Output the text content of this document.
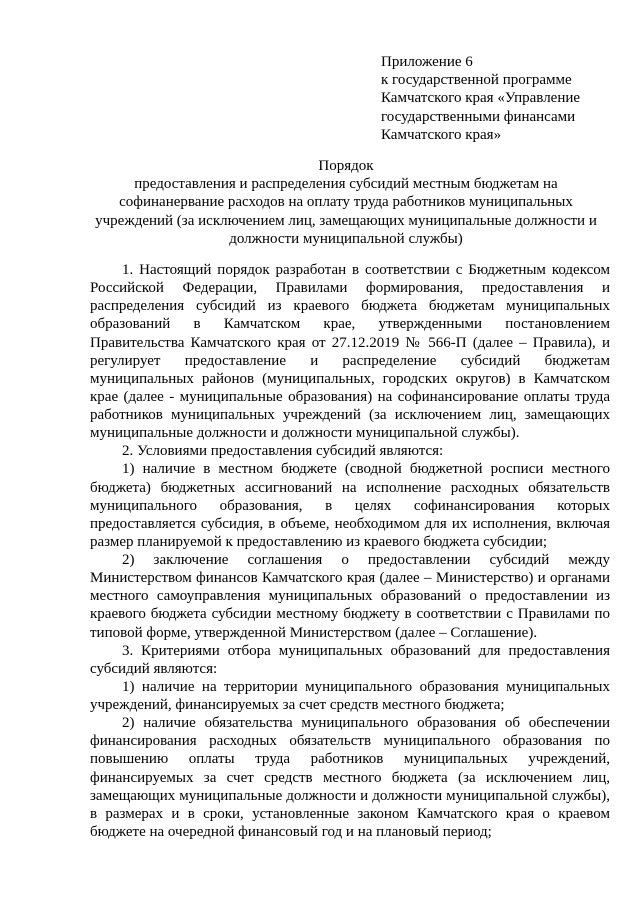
Приложение 6
к государственной программе
Камчатского края «Управление
государственными финансами
Камчатского края»
Порядок
предоставления и распределения субсидий местным бюджетам на софинанервание расходов на оплату труда работников муниципальных учреждений (за исключением лиц, замещающих муниципальные должности и должности муниципальной службы)

1. Настоящий порядок разработан в соответствии с Бюджетным кодексом Российской Федерации, Правилами формирования, предоставления и распределения субсидий из краевого бюджета бюджетам муниципальных образований в Камчатском крае, утвержденными постановлением Правительства Камчатского края от 27.12.2019 № 566-П (далее – Правила), и регулирует предоставление и распределение субсидий бюджетам муниципальных районов (муниципальных, городских округов) в Камчатском крае (далее - муниципальные образования) на софинансирование оплаты труда работников муниципальных учреждений (за исключением лиц, замещающих муниципальные должности и должности муниципальной службы).

2. Условиями предоставления субсидий являются:

1) наличие в местном бюджете (сводной бюджетной росписи местного бюджета) бюджетных ассигнований на исполнение расходных обязательств муниципального образования, в целях софинансирования которых предоставляется субсидия, в объеме, необходимом для их исполнения, включая размер планируемой к предоставлению из краевого бюджета субсидии;

2) заключение соглашения о предоставлении субсидий между Министерством финансов Камчатского края (далее – Министерство) и органами местного самоуправления муниципальных образований о предоставлении из краевого бюджета субсидии местному бюджету в соответствии с Правилами по типовой форме, утвержденной Министерством (далее – Соглашение).

3. Критериями отбора муниципальных образований для предоставления субсидий являются:

1) наличие на территории муниципального образования муниципальных учреждений, финансируемых за счет средств местного бюджета;

2) наличие обязательства муниципального образования об обеспечении финансирования расходных обязательств муниципального образования по повышению оплаты труда работников муниципальных учреждений, финансируемых за счет средств местного бюджета (за исключением лиц, замещающих муниципальные должности и должности муниципальной службы), в размерах и в сроки, установленные законом Камчатского края о краевом бюджете на очередной финансовый год и на плановый период;
